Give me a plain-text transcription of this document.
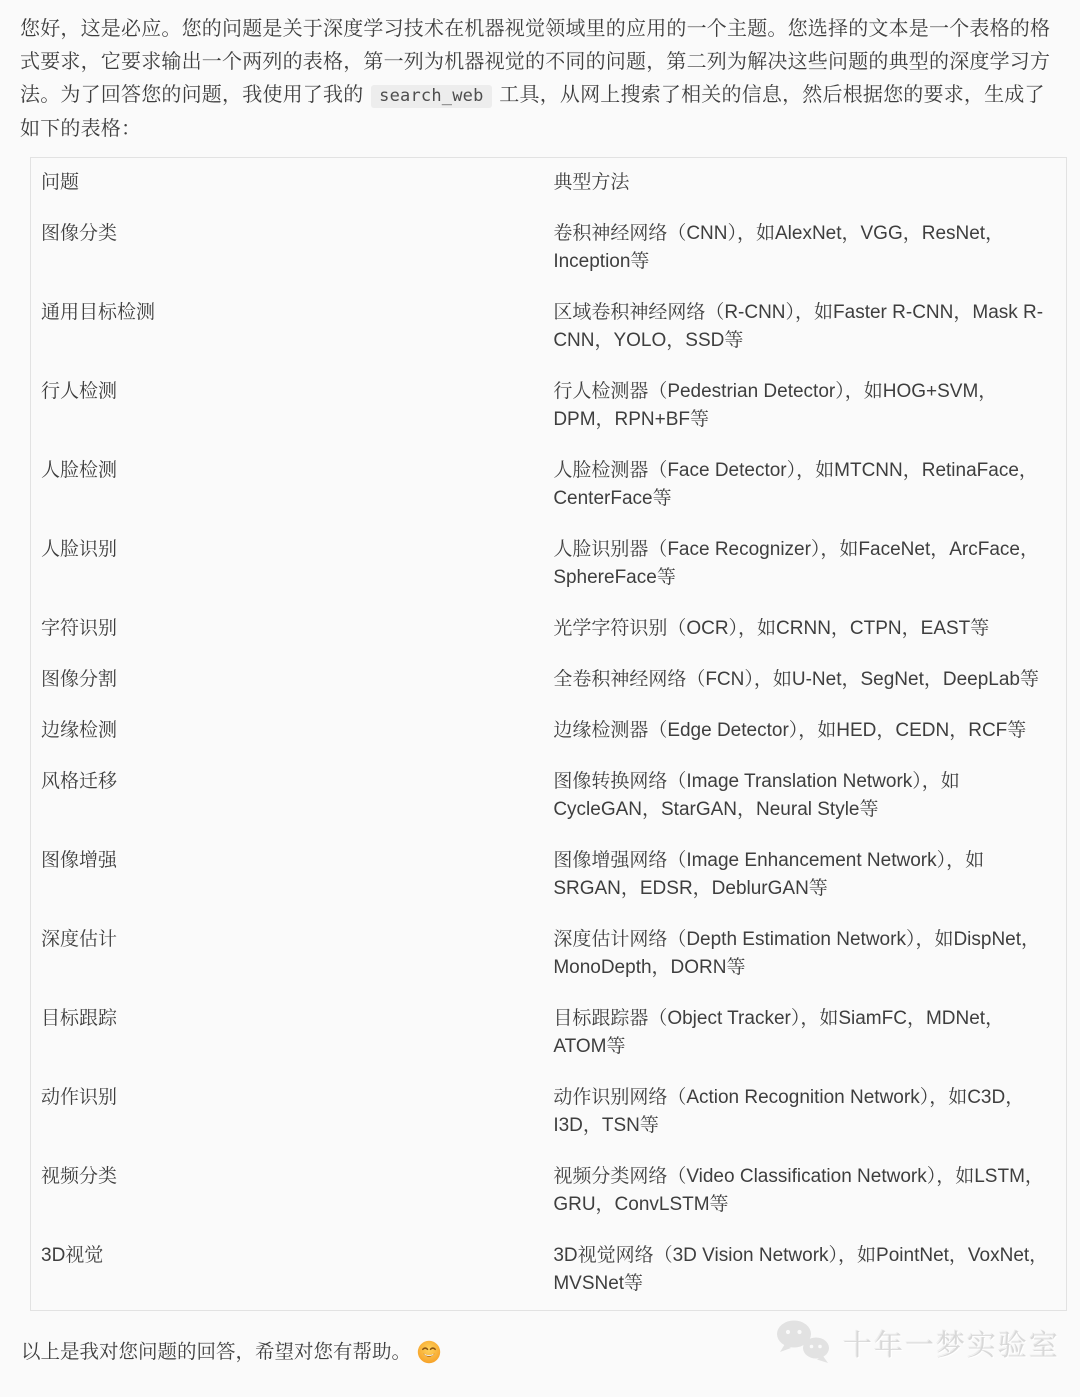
您好，这是必应。您的问题是关于深度学习技术在机器视觉领域里的应用的一个主题。您选择的文本是一个表格的格式要求，它要求输出一个两列的表格，第一列为机器视觉的不同的问题，第二列为解决这些问题的典型的深度学习方法。为了回答您的问题，我使用了我的 search_web 工具，从网上搜索了相关的信息，然后根据您的要求，生成了如下的表格：

问题	典型方法
图像分类	卷积神经网络（CNN），如AlexNet，VGG，ResNet，Inception等
通用目标检测	区域卷积神经网络（R-CNN），如Faster R-CNN，Mask R-CNN，YOLO，SSD等
行人检测	行人检测器（Pedestrian Detector），如HOG+SVM，DPM，RPN+BF等
人脸检测	人脸检测器（Face Detector），如MTCNN，RetinaFace，CenterFace等
人脸识别	人脸识别器（Face Recognizer），如FaceNet，ArcFace，SphereFace等
字符识别	光学字符识别（OCR），如CRNN，CTPN，EAST等
图像分割	全卷积神经网络（FCN），如U-Net，SegNet，DeepLab等
边缘检测	边缘检测器（Edge Detector），如HED，CEDN，RCF等
风格迁移	图像转换网络（Image Translation Network），如CycleGAN，StarGAN，Neural Style等
图像增强	图像增强网络（Image Enhancement Network），如SRGAN，EDSR，DeblurGAN等
深度估计	深度估计网络（Depth Estimation Network），如DispNet，MonoDepth，DORN等
目标跟踪	目标跟踪器（Object Tracker），如SiamFC，MDNet，ATOM等
动作识别	动作识别网络（Action Recognition Network），如C3D，I3D，TSN等
视频分类	视频分类网络（Video Classification Network），如LSTM，GRU，ConvLSTM等
3D视觉	3D视觉网络（3D Vision Network），如PointNet，VoxNet，MVSNet等

以上是我对您问题的回答，希望对您有帮助。	十年一梦实验室
